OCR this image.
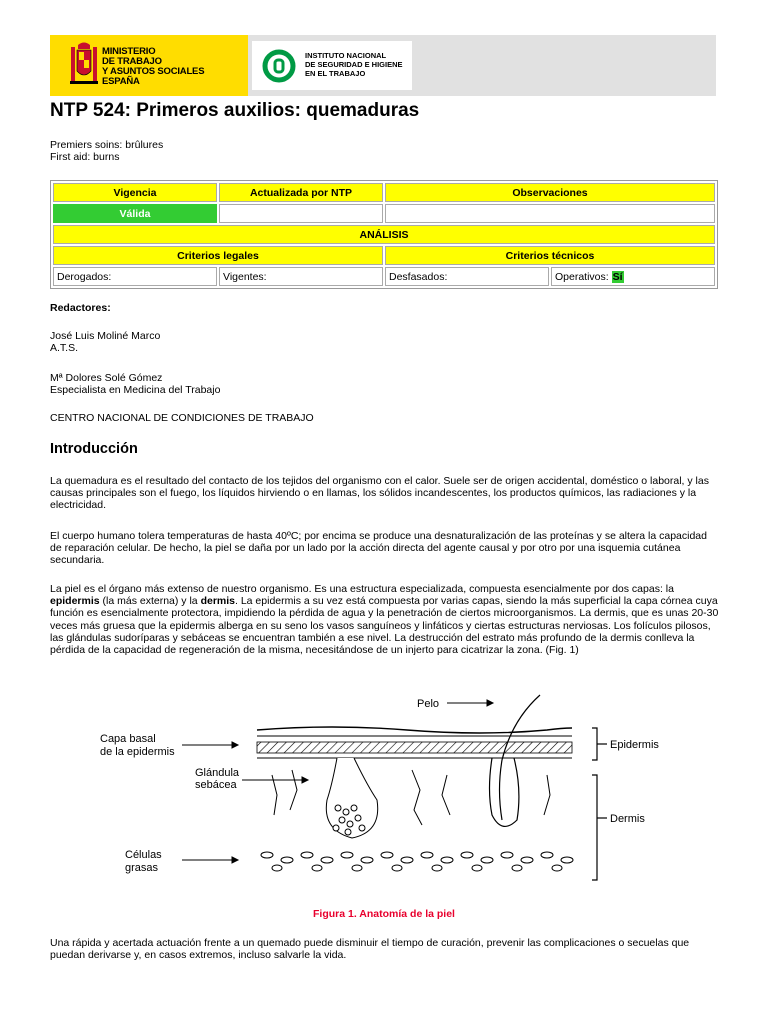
MINISTERIO
DE TRABAJO
Y ASUNTOS SOCIALES
ESPAÑA
INSTITUTO NACIONAL
DE SEGURIDAD E HIGIENE
EN EL TRABAJO
NTP 524: Primeros auxilios: quemaduras
Premiers soins: brûlures
First aid: burns
Vigencia	Actualizada por NTP	Observaciones	
Válida			
ANÁLISIS			
Criterios legales		Criterios técnicos	
Derogados:	Vigentes:	Desfasados:	Operativos: Sí
Redactores:
José Luis Moliné Marco
A.T.S.
Mª Dolores Solé Gómez
Especialista en Medicina del Trabajo
CENTRO NACIONAL DE CONDICIONES DE TRABAJO
Introducción

La quemadura es el resultado del contacto de los tejidos del organismo con el calor. Suele ser de origen accidental, doméstico o laboral, y las causas principales son el fuego, los líquidos hirviendo o en llamas, los sólidos incandescentes, los productos químicos, las radiaciones y la electricidad.

El cuerpo humano tolera temperaturas de hasta 40ºC; por encima se produce una desnaturalización de las proteínas y se altera la capacidad de reparación celular. De hecho, la piel se daña por un lado por la acción directa del agente causal y por otro por una isquemia cutánea secundaria.

La piel es el órgano más extenso de nuestro organismo. Es una estructura especializada, compuesta esencialmente por dos capas: la epidermis (la más externa) y la dermis. La epidermis a su vez está compuesta por varias capas, siendo la más superficial la capa córnea cuya función es esencialmente protectora, impidiendo la pérdida de agua y la penetración de ciertos microorganismos. La dermis, que es unas 20-30 veces más gruesa que la epidermis alberga en su seno los vasos sanguíneos y linfáticos y ciertas estructuras nerviosas. Los folículos pilosos, las glándulas sudoríparas y sebáceas se encuentran también a ese nivel. La destrucción del estrato más profundo de la dermis conlleva la pérdida de la capacidad de regeneración de la misma, necesitándose de un injerto para cicatrizar la zona. (Fig. 1)

Pelo
Capa basal
de la epidermis
Glándula
sebácea
Células
grasas
Epidermis
Dermis
Figura 1. Anatomía de la piel

Una rápida y acertada actuación frente a un quemado puede disminuir el tiempo de curación, prevenir las complicaciones o secuelas que puedan derivarse y, en casos extremos, incluso salvarle la vida.
